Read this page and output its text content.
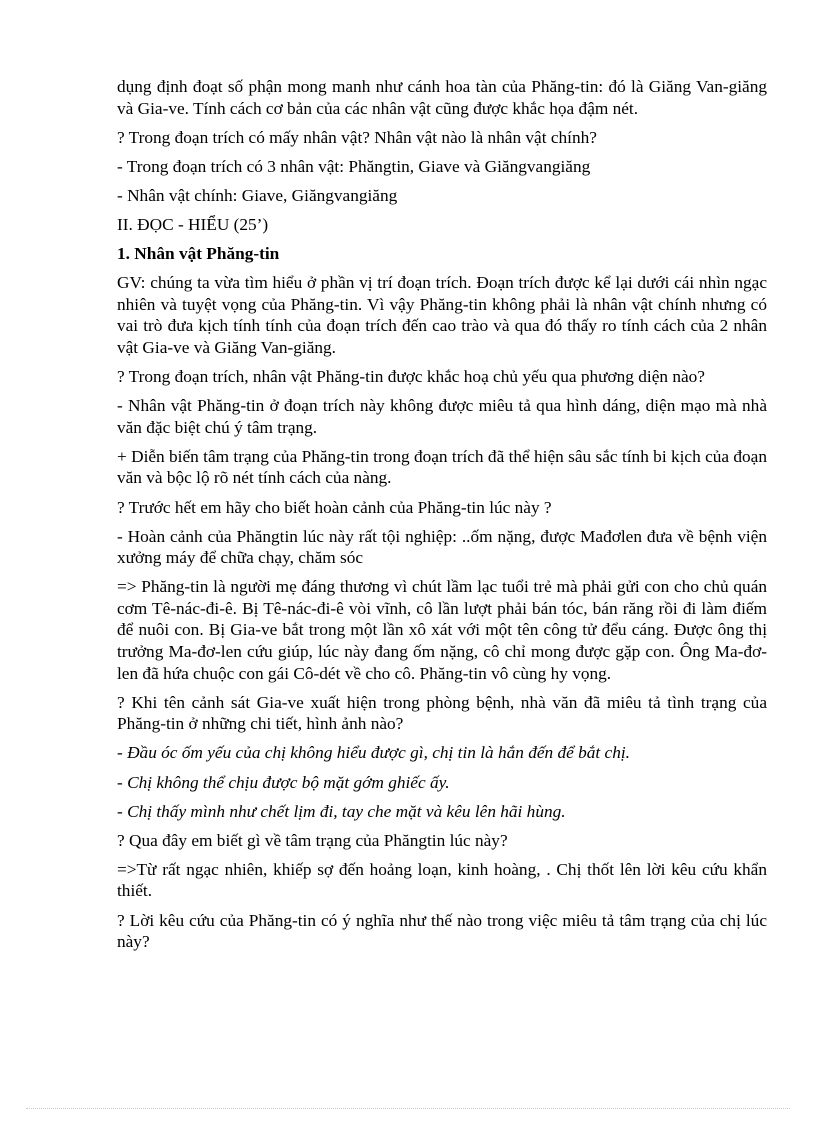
dụng định đoạt số phận mong manh như cánh hoa tàn của Phăng-tin: đó là Giăng Van-giăng và Gia-ve. Tính cách cơ bản của các nhân vật cũng được khắc họa đậm nét.

? Trong đoạn trích có mấy nhân vật? Nhân vật nào là nhân vật chính?

- Trong đoạn trích có 3 nhân vật: Phăngtin, Giave và Giăngvangiăng

- Nhân vật chính: Giave, Giăngvangiăng

II. ĐỌC - HIỂU (25’)

1. Nhân vật Phăng-tin

GV: chúng ta vừa tìm hiểu ở phần vị trí đoạn trích. Đoạn trích được kể lại dưới cái nhìn ngạc nhiên và tuyệt vọng của Phăng-tin. Vì vậy Phăng-tin không phải là nhân vật chính nhưng có vai trò đưa kịch tính tính của đoạn trích đến cao trào và qua đó thấy ro tính cách của 2 nhân vật Gia-ve và Giăng Van-giăng.

? Trong đoạn trích, nhân vật Phăng-tin được khắc hoạ chủ yếu qua phương diện nào?

- Nhân vật Phăng-tin ở đoạn trích này không được miêu tả qua hình dáng, diện mạo mà nhà văn đặc biệt chú ý tâm trạng.

+ Diễn biến tâm trạng của Phăng-tin trong đoạn trích đã thể hiện sâu sắc tính bi kịch của đoạn văn và bộc lộ rõ nét tính cách của nàng.

? Trước hết em hãy cho biết hoàn cảnh của Phăng-tin lúc này ?

- Hoàn cảnh của Phăngtin lúc này rất tội nghiệp: ..ốm nặng, được Mađơlen đưa về bệnh viện xưởng máy để chữa chạy, chăm sóc

=> Phăng-tin là người mẹ đáng thương vì chút lầm lạc tuổi trẻ mà phải gửi con cho chủ quán cơm Tê-nác-đi-ê. Bị Tê-nác-đi-ê vòi vĩnh, cô lần lượt phải bán tóc, bán răng rồi đi làm điếm để nuôi con. Bị Gia-ve bắt trong một lần xô xát với một tên công tử đểu cáng. Được ông thị trưởng Ma-đơ-len cứu giúp, lúc này đang ốm nặng, cô chỉ mong được gặp con. Ông Ma-đơ-len đã hứa chuộc con gái Cô-dét về cho cô. Phăng-tin vô cùng hy vọng.

? Khi tên cảnh sát Gia-ve xuất hiện trong phòng bệnh, nhà văn đã miêu tả tình trạng của Phăng-tin ở những chi tiết, hình ảnh nào?

- Đầu óc ốm yếu của chị không hiểu được gì, chị tin là hắn đến để bắt chị.

- Chị không thể chịu được bộ mặt gớm ghiếc ấy.

- Chị thấy mình như chết lịm đi, tay che mặt và kêu lên hãi hùng.

? Qua đây em biết gì về tâm trạng của Phăngtin lúc này?

=>Từ rất ngạc nhiên, khiếp sợ đến hoảng loạn, kinh hoàng, . Chị thốt lên lời kêu cứu khẩn thiết.

? Lời kêu cứu của Phăng-tin có ý nghĩa như thế nào trong việc miêu tả tâm trạng của chị lúc này?
